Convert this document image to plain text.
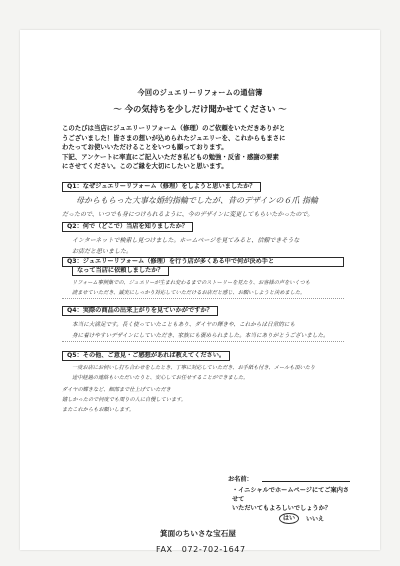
今回のジュエリーリフォームの通信簿
～ 今の気持ちを少しだけ聞かせてください ～
このたびは当店にジュエリーリフォーム（修理）のご依頼をいただきありがと
うございました！皆さまの想いが込められたジュエリーを、これからもまさに
わたってお使いいただけることをいつも願っております。
下記、アンケートに率直にご記入いただき私どもの勉強・反省・感謝の要素
にさせてください。このご縁を大切にしたいと思います。
Q1：なぜジュエリーリフォーム（修理）をしようと思いましたか？
母からもらった大事な婚約指輪でしたが、昔のデザインの６爪 指輪
だったので、いつでも身につけられるように、今のデザインに変更してもらいたかったので。
Q2：何で（どこで）当店を知りましたか？
インターネットで検索し見つけました。ホームページを見てみると、信頼できそうな
お店だと思いました。
Q3：ジュエリーリフォーム（修理）を行う店が多くある中で何が決め手と
なって当店に依頼しましたか？
リフォーム事例集での、ジュエリーが生まれ変わるまでのストーリーを見たり、お客様の声をいくつも
読ませていただき、誠実にしっかり対応していただけるお店だと感じ、お願いしようと決めました。
Q4：実際の商品の出来上がりを見ていかがですか？
本当に大満足です。長く使っていたこともあり、ダイヤの輝きや、これからは日常的にも
身に着けやすいデザインにしていただき、家族にも褒められました。本当にありがとうございました。
Q5：その他、ご意見・ご感想があれば教えてください。
一度お店にお伺いし打ち合わせをしたとき、丁寧に対応していただき、お手紙も付き、メールも頂いたり
途中経過の連絡もいただいたりと、安心してお任せすることができました。
ダイヤの輝きなど、細部まで仕上げていただき
嬉しかったので何度でも周りの人に自慢しています。
またこれからもお願いします。
お名前：
・イニシャルでホームページにてご案内させて
いただいてもよろしいでしょうか？
はい	いいえ
箕面のちいさな宝石屋
FAX 072-702-1647
